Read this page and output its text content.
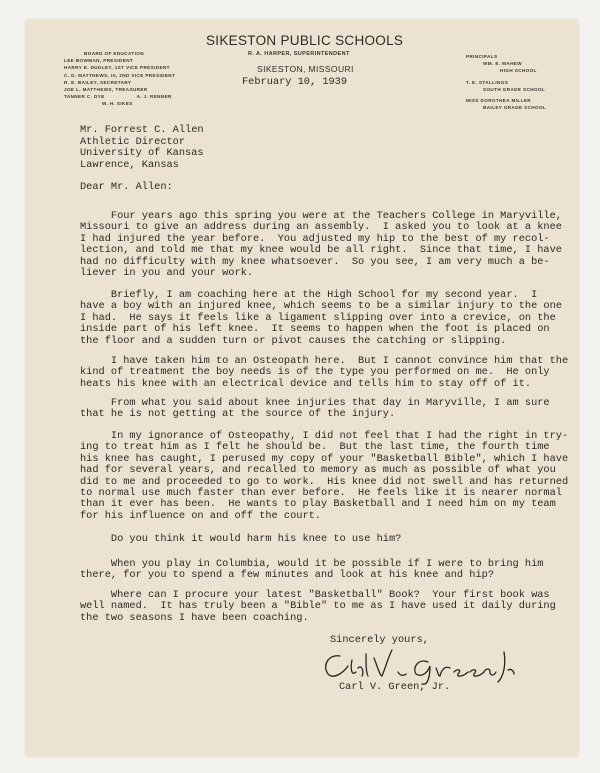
BOARD OF EDUCATION
LEE BOWMAN, PRESIDENT
HARRY E. DUDLEY, 1ST VICE PRESIDENT
C. D. MATTHEWS, III, 2ND VICE PRESIDENT
R. E. BAILEY, SECRETARY
JOE L. MATTHEWS, TREASURER
TANNER C. DYE	A. J. RENNER
W. H. SIKES
SIKESTON PUBLIC SCHOOLS
R. A. HARPER, SUPERINTENDENT
SIKESTON, MISSOURI
February 10, 1939
PRINCIPALS
WM. E. MAHEW
HIGH SCHOOL
T. E. STALLINGS
SOUTH GRADE SCHOOL
MISS DOROTHEA MILLER
BAILEY GRADE SCHOOL
Mr. Forrest C. Allen
Athletic Director
University of Kansas
Lawrence, Kansas
Dear Mr. Allen:
Four years ago this spring you were at the Teachers College in Maryville,
Missouri to give an address during an assembly.  I asked you to look at a knee
I had injured the year before.  You adjusted my hip to the best of my recol-
lection, and told me that my knee would be all right.  Since that time, I have
had no difficulty with my knee whatsoever.  So you see, I am very much a be-
liever in you and your work.
Briefly, I am coaching here at the High School for my second year.  I
have a boy with an injured knee, which seems to be a similar injury to the one
I had.  He says it feels like a ligament slipping over into a crevice, on the
inside part of his left knee.  It seems to happen when the foot is placed on
the floor and a sudden turn or pivot causes the catching or slipping.
I have taken him to an Osteopath here.  But I cannot convince him that the
kind of treatment the boy needs is of the type you performed on me.  He only
heats his knee with an electrical device and tells him to stay off of it.
From what you said about knee injuries that day in Maryville, I am sure
that he is not getting at the source of the injury.
In my ignorance of Osteopathy, I did not feel that I had the right in try-
ing to treat him as I felt he should be.  But the last time, the fourth time
his knee has caught, I perused my copy of your "Basketball Bible", which I have
had for several years, and recalled to memory as much as possible of what you
did to me and proceeded to go to work.  His knee did not swell and has returned
to normal use much faster than ever before.  He feels like it is nearer normal
than it ever has been.  He wants to play Basketball and I need him on my team
for his influence on and off the court.
Do you think it would harm his knee to use him?
When you play in Columbia, would it be possible if I were to bring him
there, for you to spend a few minutes and look at his knee and hip?
Where can I procure your latest "Basketball" Book?  Your first book was
well named.  It has truly been a "Bible" to me as I have used it daily during
the two seasons I have been coaching.
Sincerely yours,
Carl V. Green, Jr.
